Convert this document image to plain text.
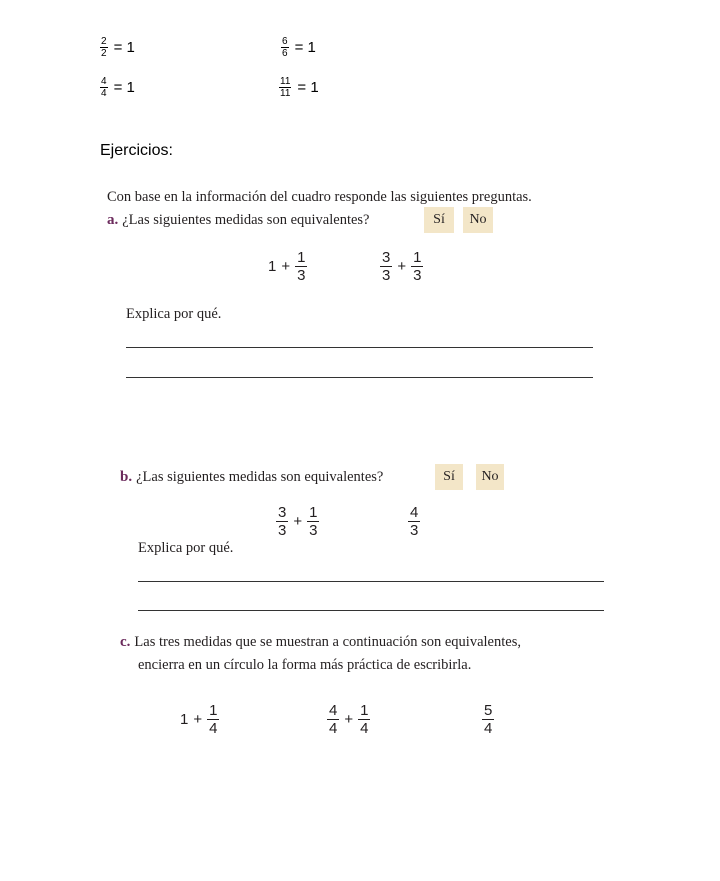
$\frac{2}{2} = 1$	$\frac{6}{6} = 1$
$\frac{4}{4} = 1$	$\frac{11}{11} = 1$
Ejercicios:
Con base en la información del cuadro responde las siguientes preguntas.
a. ¿Las siguientes medidas son equivalentes?	Sí	No
$1 + \frac{1}{3}$	$\frac{3}{3} + \frac{1}{3}$
Explica por qué.
b. ¿Las siguientes medidas son equivalentes?	Sí	No
$\frac{3}{3} + \frac{1}{3}$	$\frac{4}{3}$
Explica por qué.
c. Las tres medidas que se muestran a continuación son equivalentes,
encierra en un círculo la forma más práctica de escribirla.
$1 + \frac{1}{4}$	$\frac{4}{4} + \frac{1}{4}$	$\frac{5}{4}$
